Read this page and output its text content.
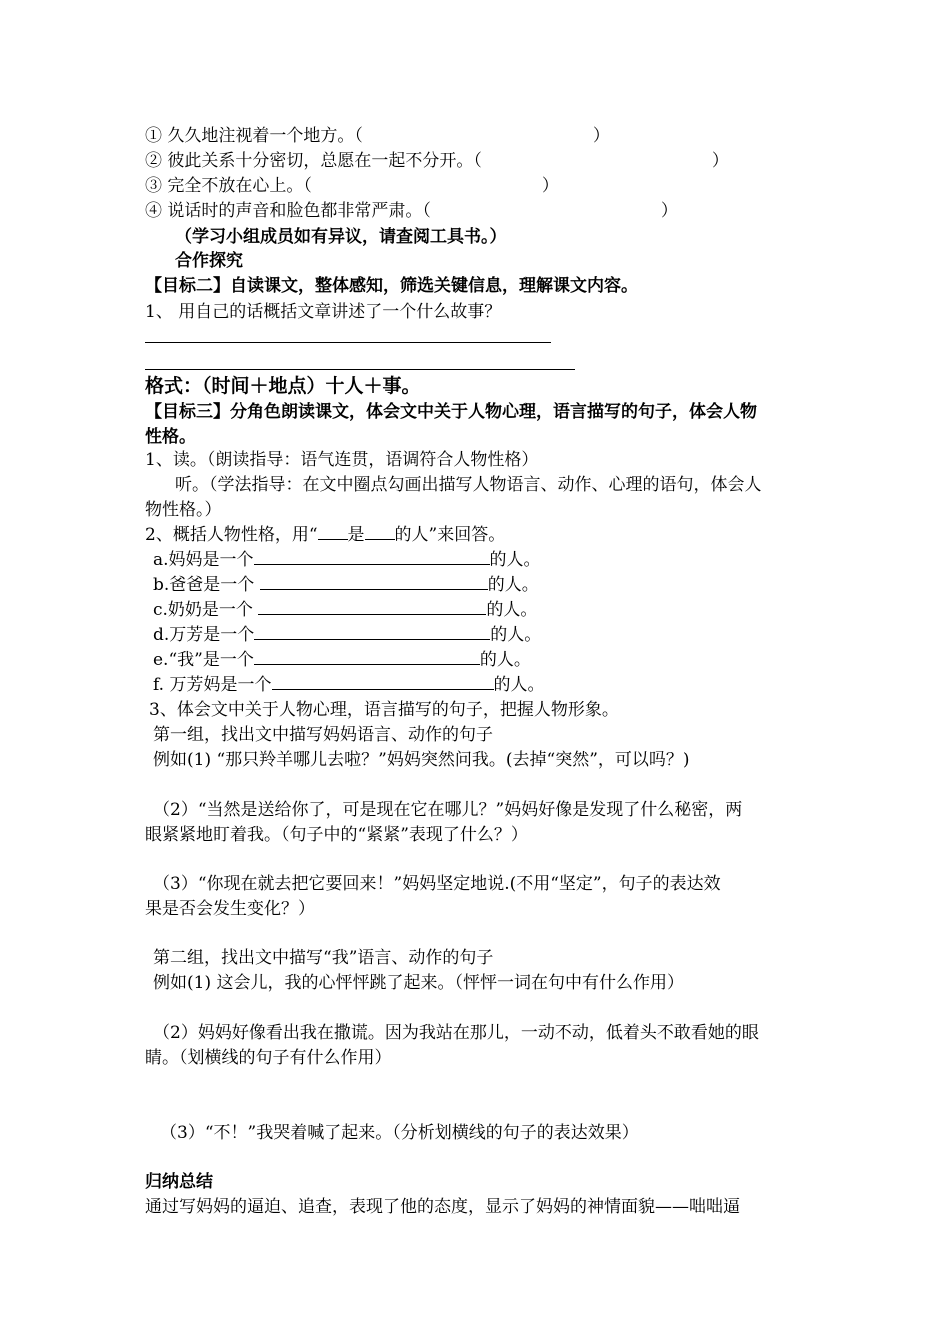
① 久久地注视着一个地方。（	）
② 彼此关系十分密切，总愿在一起不分开。（	）
③ 完全不放在心上。（	）
④ 说话时的声音和脸色都非常严肃。（	）
（学习小组成员如有异议，请查阅工具书。）
合作探究
【目标二】自读课文，整体感知，筛选关键信息，理解课文内容。
1、 用自己的话概括文章讲述了一个什么故事？
格式：（时间＋地点）十人＋事。
【目标三】分角色朗读课文，体会文中关于人物心理，语言描写的句子，体会人物
性格。
1、读。（朗读指导：语气连贯，语调符合人物性格）
听。（学法指导：在文中圈点勾画出描写人物语言、动作、心理的语句，体会人
物性格。）
2、概括人物性格，用“ 是 的人”来回答。
a.妈妈是一个	的人。
b.爸爸是一个	的人。
c.奶奶是一个	的人。
d.万芳是一个	的人。
e.“我”是一个	的人。
f. 万芳妈是一个	的人。
3、体会文中关于人物心理，语言描写的句子，把握人物形象。
第一组，找出文中描写妈妈语言、动作的句子
例如(1) “那只羚羊哪儿去啦？”妈妈突然问我。(去掉“突然”，可以吗？)
（2）“当然是送给你了，可是现在它在哪儿？”妈妈好像是发现了什么秘密，两
眼紧紧地盯着我。（句子中的“紧紧”表现了什么？）
（3）“你现在就去把它要回来！”妈妈坚定地说.(不用“坚定”，句子的表达效
果是否会发生变化？）
第二组，找出文中描写“我”语言、动作的句子
例如(1) 这会儿，我的心怦怦跳了起来。（怦怦一词在句中有什么作用）
（2）妈妈好像看出我在撒谎。因为我站在那儿，一动不动，低着头不敢看她的眼
睛。（划横线的句子有什么作用）
（3）“不！”我哭着喊了起来。（分析划横线的句子的表达效果）
归纳总结
通过写妈妈的逼迫、追查，表现了他的态度，显示了妈妈的神情面貌——咄咄逼
